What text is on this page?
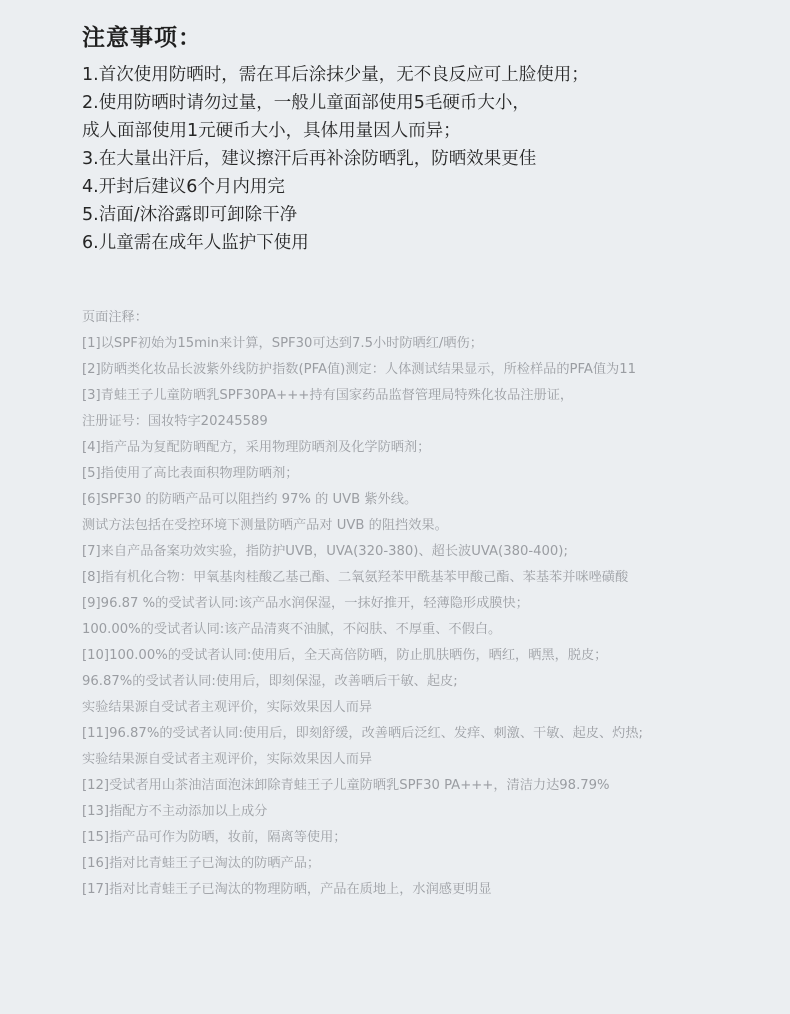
注意事项：
1.首次使用防晒时，需在耳后涂抹少量，无不良反应可上脸使用；
2.使用防晒时请勿过量，一般儿童面部使用5毛硬币大小，
成人面部使用1元硬币大小，具体用量因人而异；
3.在大量出汗后，建议擦汗后再补涂防晒乳，防晒效果更佳
4.开封后建议6个月内用完
5.洁面/沐浴露即可卸除干净
6.儿童需在成年人监护下使用
页面注释：
[1]以SPF初始为15min来计算，SPF30可达到7.5小时防晒红/晒伤；
[2]防晒类化妆品长波紫外线防护指数(PFA值)测定：人体测试结果显示，所检样品的PFA值为11
[3]青蛙王子儿童防晒乳SPF30PA+++持有国家药品监督管理局特殊化妆品注册证，
注册证号：国妆特字20245589
[4]指产品为复配防晒配方，采用物理防晒剂及化学防晒剂；
[5]指使用了高比表面积物理防晒剂；
[6]SPF30 的防晒产品可以阻挡约 97% 的 UVB 紫外线。
测试方法包括在受控环境下测量防晒产品对 UVB 的阻挡效果。
[7]来自产品备案功效实验，指防护UVB，UVA(320-380)、超长波UVA(380-400);
[8]指有机化合物：甲氧基肉桂酸乙基己酯、二氧氨羟苯甲酰基苯甲酸己酯、苯基苯并咪唑磺酸
[9]96.87 %的受试者认同:该产品水润保湿，一抹好推开，轻薄隐形成膜快；
100.00%的受试者认同:该产品清爽不油腻，不闷肤、不厚重、不假白。
[10]100.00%的受试者认同:使用后，全天高倍防晒，防止肌肤晒伤，晒红，晒黑，脱皮；
96.87%的受试者认同:使用后，即刻保湿，改善晒后干敏、起皮;
实验结果源自受试者主观评价，实际效果因人而异
[11]96.87%的受试者认同:使用后，即刻舒缓，改善晒后泛红、发痒、刺激、干敏、起皮、灼热;
实验结果源自受试者主观评价，实际效果因人而异
[12]受试者用山茶油洁面泡沫卸除青蛙王子儿童防晒乳SPF30 PA+++，清洁力达98.79%
[13]指配方不主动添加以上成分
[15]指产品可作为防晒，妆前，隔离等使用；
[16]指对比青蛙王子已淘汰的防晒产品；
[17]指对比青蛙王子已淘汰的物理防晒，产品在质地上，水润感更明显
